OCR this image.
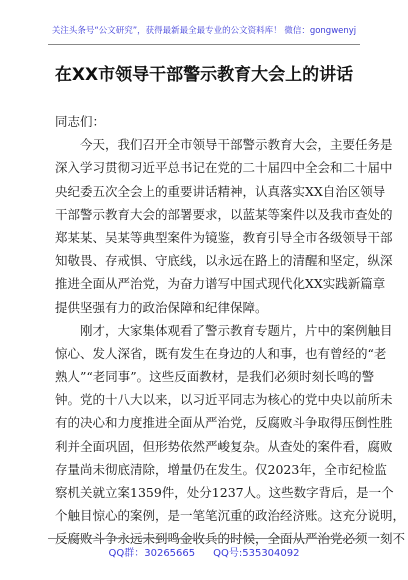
关注头条号“公文研究”，获得最新最全最专业的公文资料库！ 微信：gongwenyj
在XX市领导干部警示教育大会上的讲话
同志们：
　　今天，我们召开全市领导干部警示教育大会，主要任务是
深入学习贯彻习近平总书记在党的二十届四中全会和二十届中
央纪委五次全会上的重要讲话精神，认真落实XX自治区领导
干部警示教育大会的部署要求，以蓝某等案件以及我市查处的
郑某某、吴某等典型案件为镜鉴，教育引导全市各级领导干部
知敬畏、存戒惧、守底线，以永远在路上的清醒和坚定，纵深
推进全面从严治党，为奋力谱写中国式现代化XX实践新篇章
提供坚强有力的政治保障和纪律保障。
　　刚才，大家集体观看了警示教育专题片，片中的案例触目
惊心、发人深省，既有发生在身边的人和事，也有曾经的“老
熟人”“老同事”。这些反面教材，是我们必须时刻长鸣的警
钟。党的十八大以来，以习近平同志为核心的党中央以前所未
有的决心和力度推进全面从严治党，反腐败斗争取得压倒性胜
利并全面巩固，但形势依然严峻复杂。从查处的案件看，腐败
存量尚未彻底清除，增量仍在发生。仅2023年，全市纪检监
察机关就立案1359件，处分1237人。这些数字背后，是一个
个触目惊心的案例，是一笔笔沉重的政治经济账。这充分说明，
反腐败斗争永远未到鸣金收兵的时候，全面从严治党必须一刻不
QQ群：30265665 QQ号:535304092
